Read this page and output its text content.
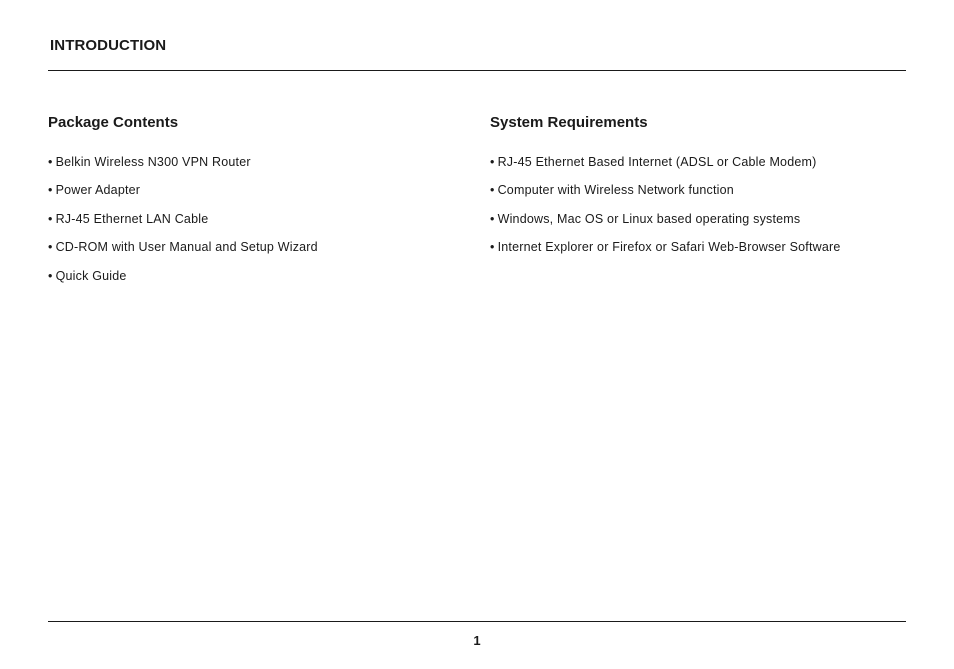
INTRODUCTION
Package Contents
• Belkin Wireless N300 VPN Router
• Power Adapter
• RJ-45 Ethernet LAN Cable
• CD-ROM with User Manual and Setup Wizard
• Quick Guide
System Requirements
• RJ-45 Ethernet Based Internet (ADSL or Cable Modem)
• Computer with Wireless Network function
• Windows, Mac OS or Linux based operating systems
• Internet Explorer or Firefox or Safari Web-Browser Software
1
